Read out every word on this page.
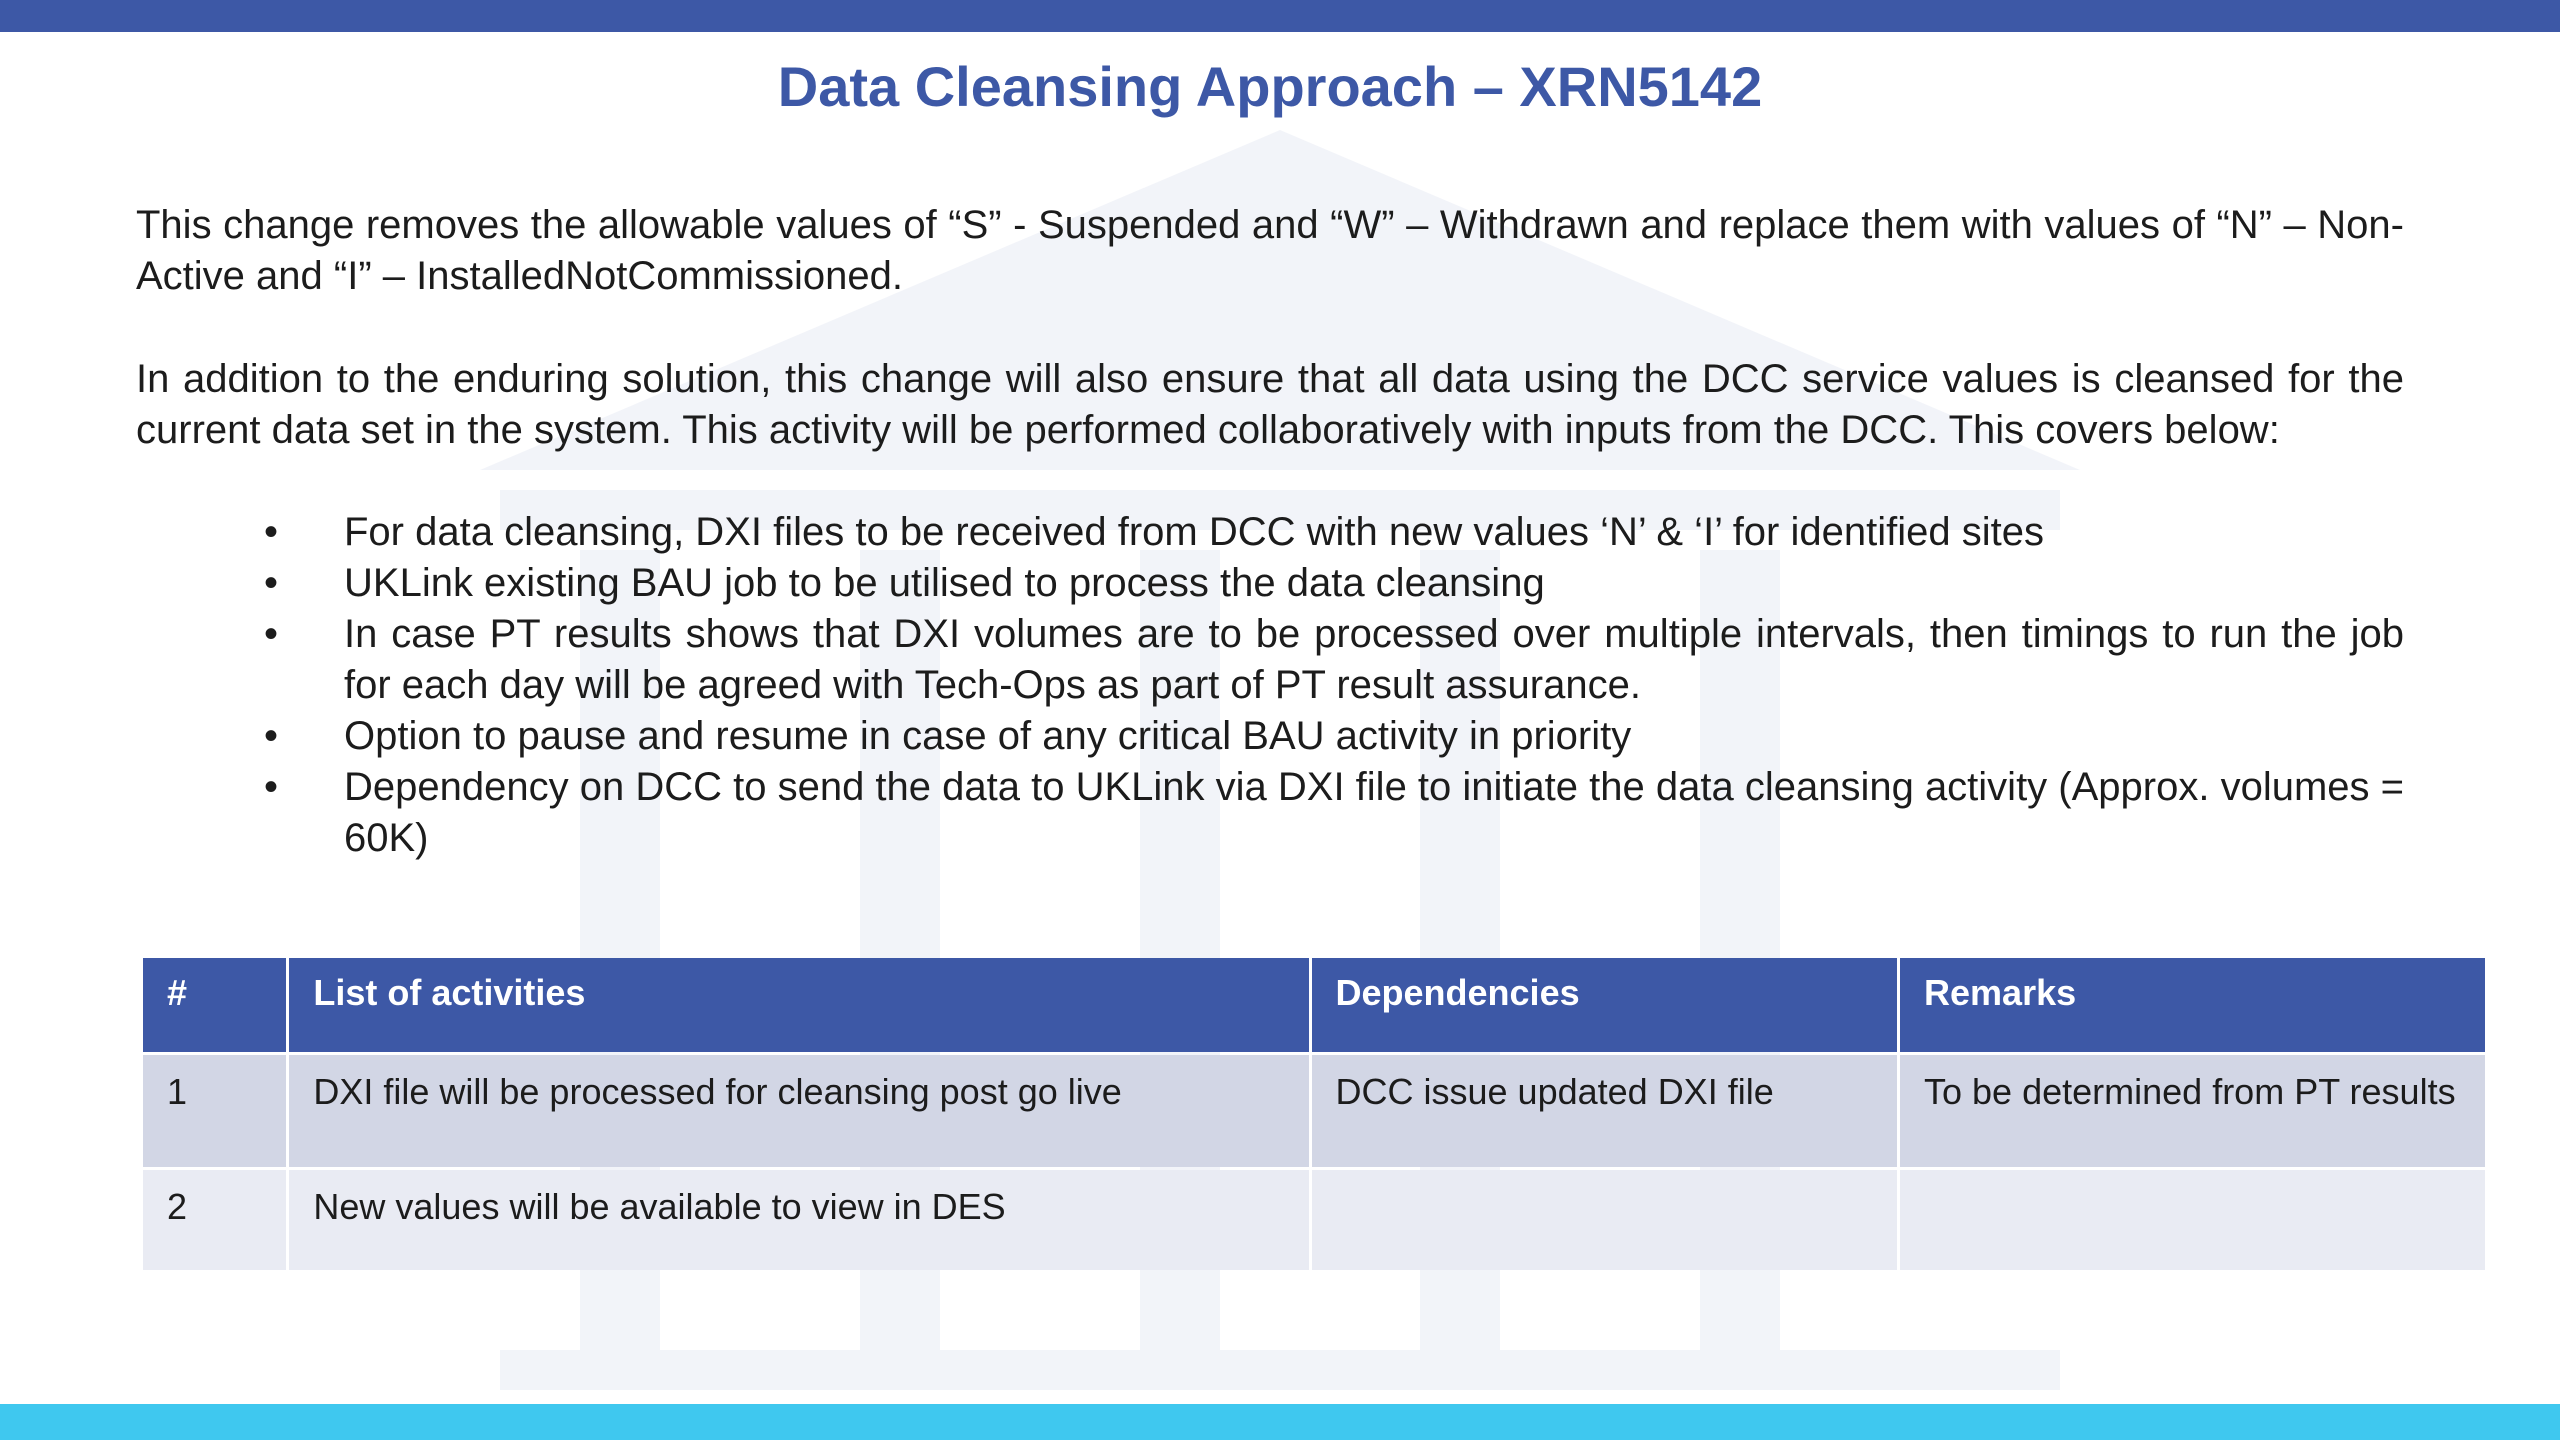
Data Cleansing Approach – XRN5142

This change removes the allowable values of “S” - Suspended and “W” – Withdrawn and replace them with values of “N” – Non-Active and “I” – InstalledNotCommissioned.

In addition to the enduring solution, this change will also ensure that all data using the DCC service values is cleansed for the current data set in the system. This activity will be performed collaboratively with inputs from the DCC. This covers below:

•	For data cleansing, DXI files to be received from DCC with new values ‘N’ & ‘I’ for identified sites
•	UKLink existing BAU job to be utilised to process the data cleansing
•	In case PT results shows that DXI volumes are to be processed over multiple intervals, then timings to run the job for each day will be agreed with Tech-Ops as part of PT result assurance.
•	Option to pause and resume in case of any critical BAU activity in priority
•	Dependency on DCC to send the data to UKLink via DXI file to initiate the data cleansing activity (Approx. volumes = 60K)
#	List of activities	Dependencies	Remarks
1	DXI file will be processed for cleansing post go live	DCC issue updated DXI file	To be determined from PT results
2	New values will be available to view in DES		
